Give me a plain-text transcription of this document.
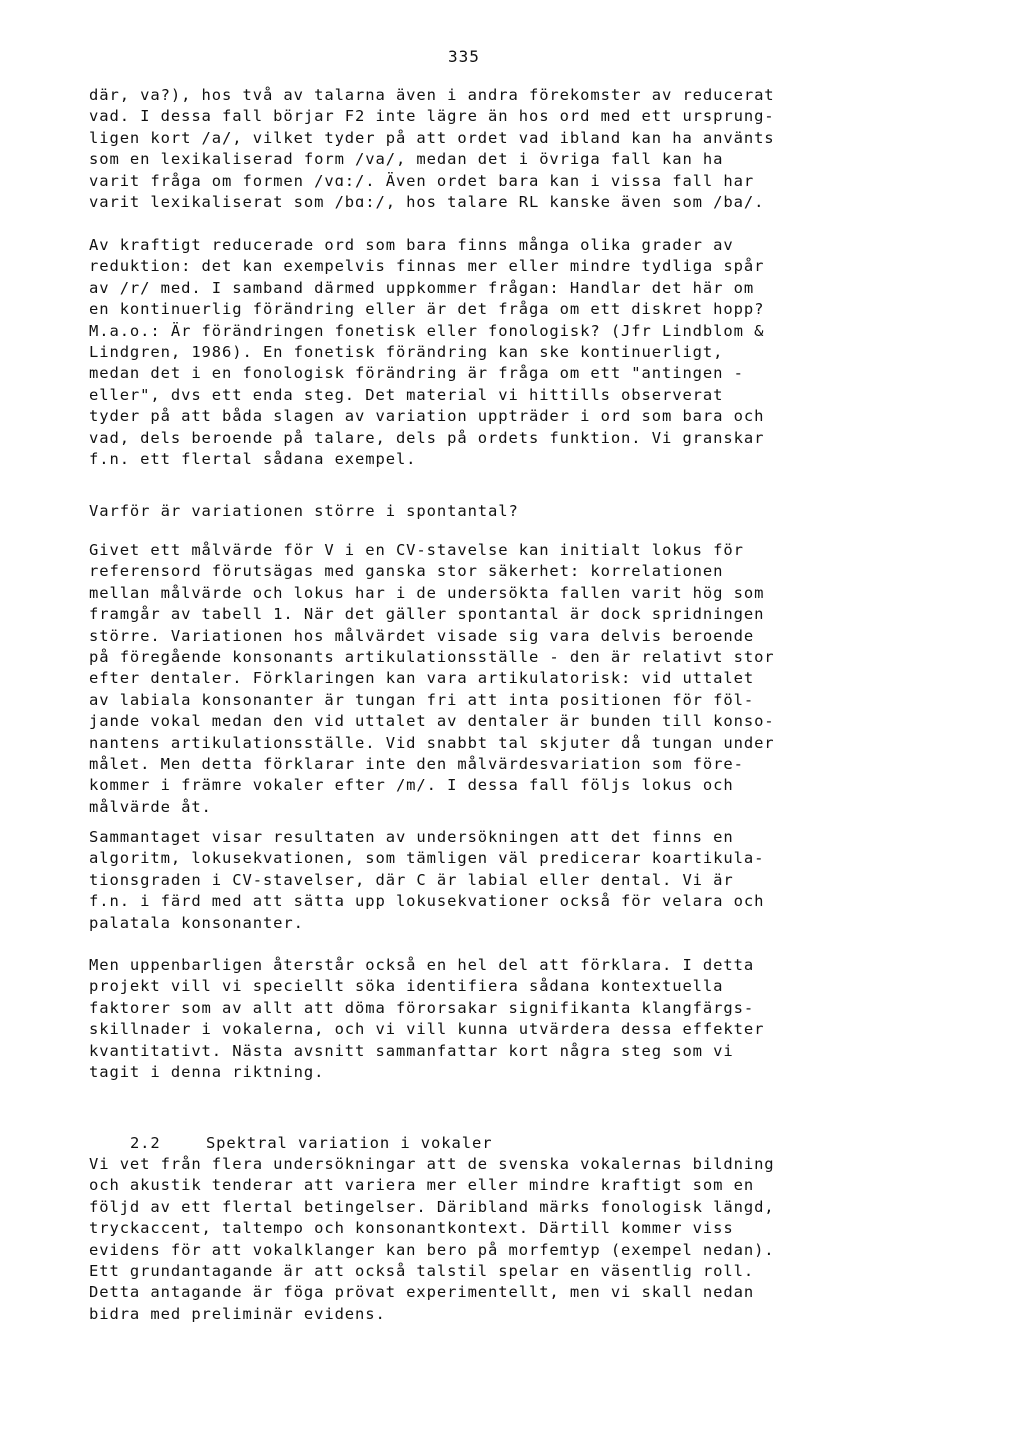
335
där, va?), hos två av talarna även i andra förekomster av reducerat
vad. I dessa fall börjar F2 inte lägre än hos ord med ett ursprung-
ligen kort /a/, vilket tyder på att ordet vad ibland kan ha använts
som en lexikaliserad form /va/, medan det i övriga fall kan ha
varit fråga om formen /vɑ:/. Även ordet bara kan i vissa fall har
varit lexikaliserat som /bɑ:/, hos talare RL kanske även som /ba/.
Av kraftigt reducerade ord som bara finns många olika grader av
reduktion: det kan exempelvis finnas mer eller mindre tydliga spår
av /r/ med. I samband därmed uppkommer frågan: Handlar det här om
en kontinuerlig förändring eller är det fråga om ett diskret hopp?
M.a.o.: Är förändringen fonetisk eller fonologisk? (Jfr Lindblom &
Lindgren, 1986). En fonetisk förändring kan ske kontinuerligt,
medan det i en fonologisk förändring är fråga om ett "antingen -
eller", dvs ett enda steg. Det material vi hittills observerat
tyder på att båda slagen av variation uppträder i ord som bara och
vad, dels beroende på talare, dels på ordets funktion. Vi granskar
f.n. ett flertal sådana exempel.
Varför är variationen större i spontantal?
Givet ett målvärde för V i en CV-stavelse kan initialt lokus för
referensord förutsägas med ganska stor säkerhet: korrelationen
mellan målvärde och lokus har i de undersökta fallen varit hög som
framgår av tabell 1. När det gäller spontantal är dock spridningen
större. Variationen hos målvärdet visade sig vara delvis beroende
på föregående konsonants artikulationsställe - den är relativt stor
efter dentaler. Förklaringen kan vara artikulatorisk: vid uttalet
av labiala konsonanter är tungan fri att inta positionen för föl-
jande vokal medan den vid uttalet av dentaler är bunden till konso-
nantens artikulationsställe. Vid snabbt tal skjuter då tungan under
målet. Men detta förklarar inte den målvärdesvariation som före-
kommer i främre vokaler efter /m/. I dessa fall följs lokus och
målvärde åt.
Sammantaget visar resultaten av undersökningen att det finns en
algoritm, lokusekvationen, som tämligen väl predicerar koartikula-
tionsgraden i CV-stavelser, där C är labial eller dental. Vi är
f.n. i färd med att sätta upp lokusekvationer också för velara och
palatala konsonanter.
Men uppenbarligen återstår också en hel del att förklara. I detta
projekt vill vi speciellt söka identifiera sådana kontextuella
faktorer som av allt att döma förorsakar signifikanta klangfärgs-
skillnader i vokalerna, och vi vill kunna utvärdera dessa effekter
kvantitativt. Nästa avsnitt sammanfattar kort några steg som vi
tagit i denna riktning.

2.2	Spektral variation i vokaler

Vi vet från flera undersökningar att de svenska vokalernas bildning
och akustik tenderar att variera mer eller mindre kraftigt som en
följd av ett flertal betingelser. Däribland märks fonologisk längd,
tryckaccent, taltempo och konsonantkontext. Därtill kommer viss
evidens för att vokalklanger kan bero på morfemtyp (exempel nedan).
Ett grundantagande är att också talstil spelar en väsentlig roll.
Detta antagande är föga prövat experimentellt, men vi skall nedan
bidra med preliminär evidens.
